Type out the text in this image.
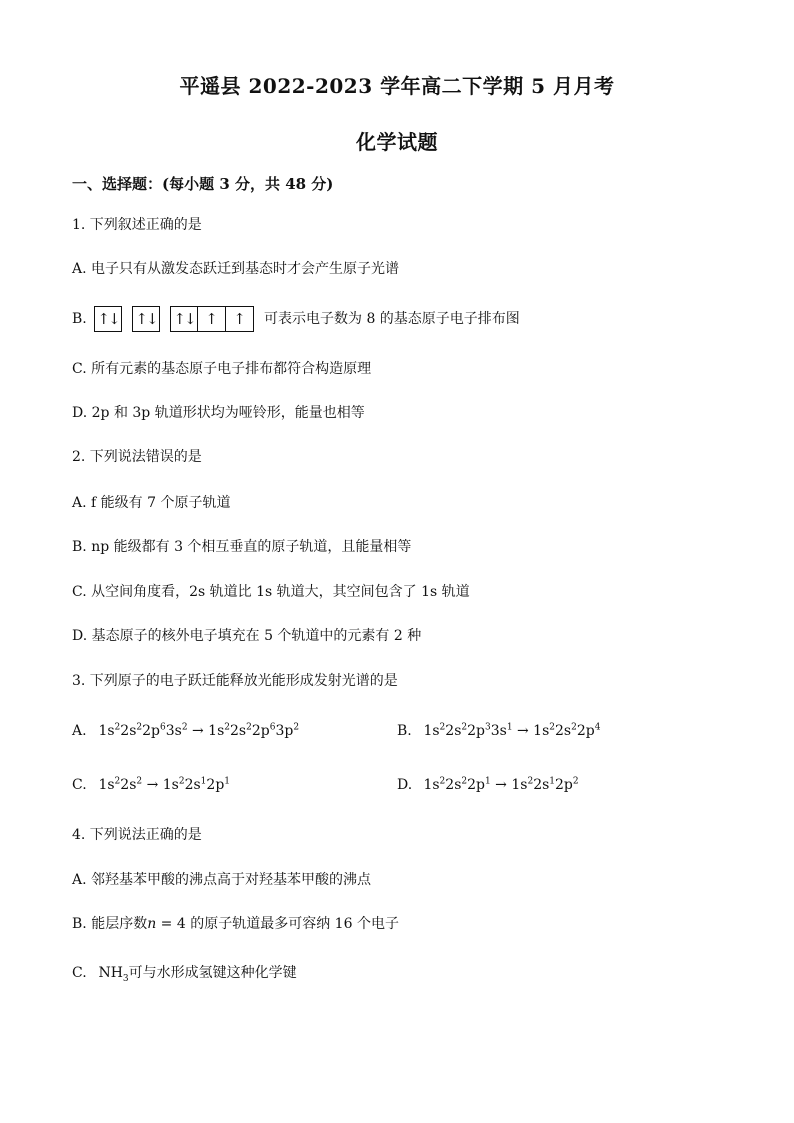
平遥县 2022-2023 学年高二下学期 5 月月考
化学试题
一、选择题：(每小题 3 分，共 48 分)
1. 下列叙述正确的是
A. 电子只有从激发态跃迁到基态时才会产生原子光谱
B. ↑↓ ↑↓ ↑↓ ↑	↑	可表示电子数为 8 的基态原子电子排布图
C. 所有元素的基态原子电子排布都符合构造原理
D. 2p 和 3p 轨道形状均为哑铃形，能量也相等
2. 下列说法错误的是
A. f 能级有 7 个原子轨道
B. np 能级都有 3 个相互垂直的原子轨道，且能量相等
C. 从空间角度看，2s 轨道比 1s 轨道大，其空间包含了 1s 轨道
D. 基态原子的核外电子填充在 5 个轨道中的元素有 2 种
3. 下列原子的电子跃迁能释放光能形成发射光谱的是
A. $1s^22s^22p^63s^2 \to 1s^22s^22p^63p^2$	B. $1s^22s^22p^33s^1 \to 1s^22s^22p^4$
C. $1s^22s^2 \to 1s^22s^12p^1$	D. $1s^22s^22p^1 \to 1s^22s^12p^2$
4. 下列说法正确的是
A. 邻羟基苯甲酸的沸点高于对羟基苯甲酸的沸点
B. 能层序数n = 4 的原子轨道最多可容纳 16 个电子
C. $NH_3$可与水形成氢键这种化学键
